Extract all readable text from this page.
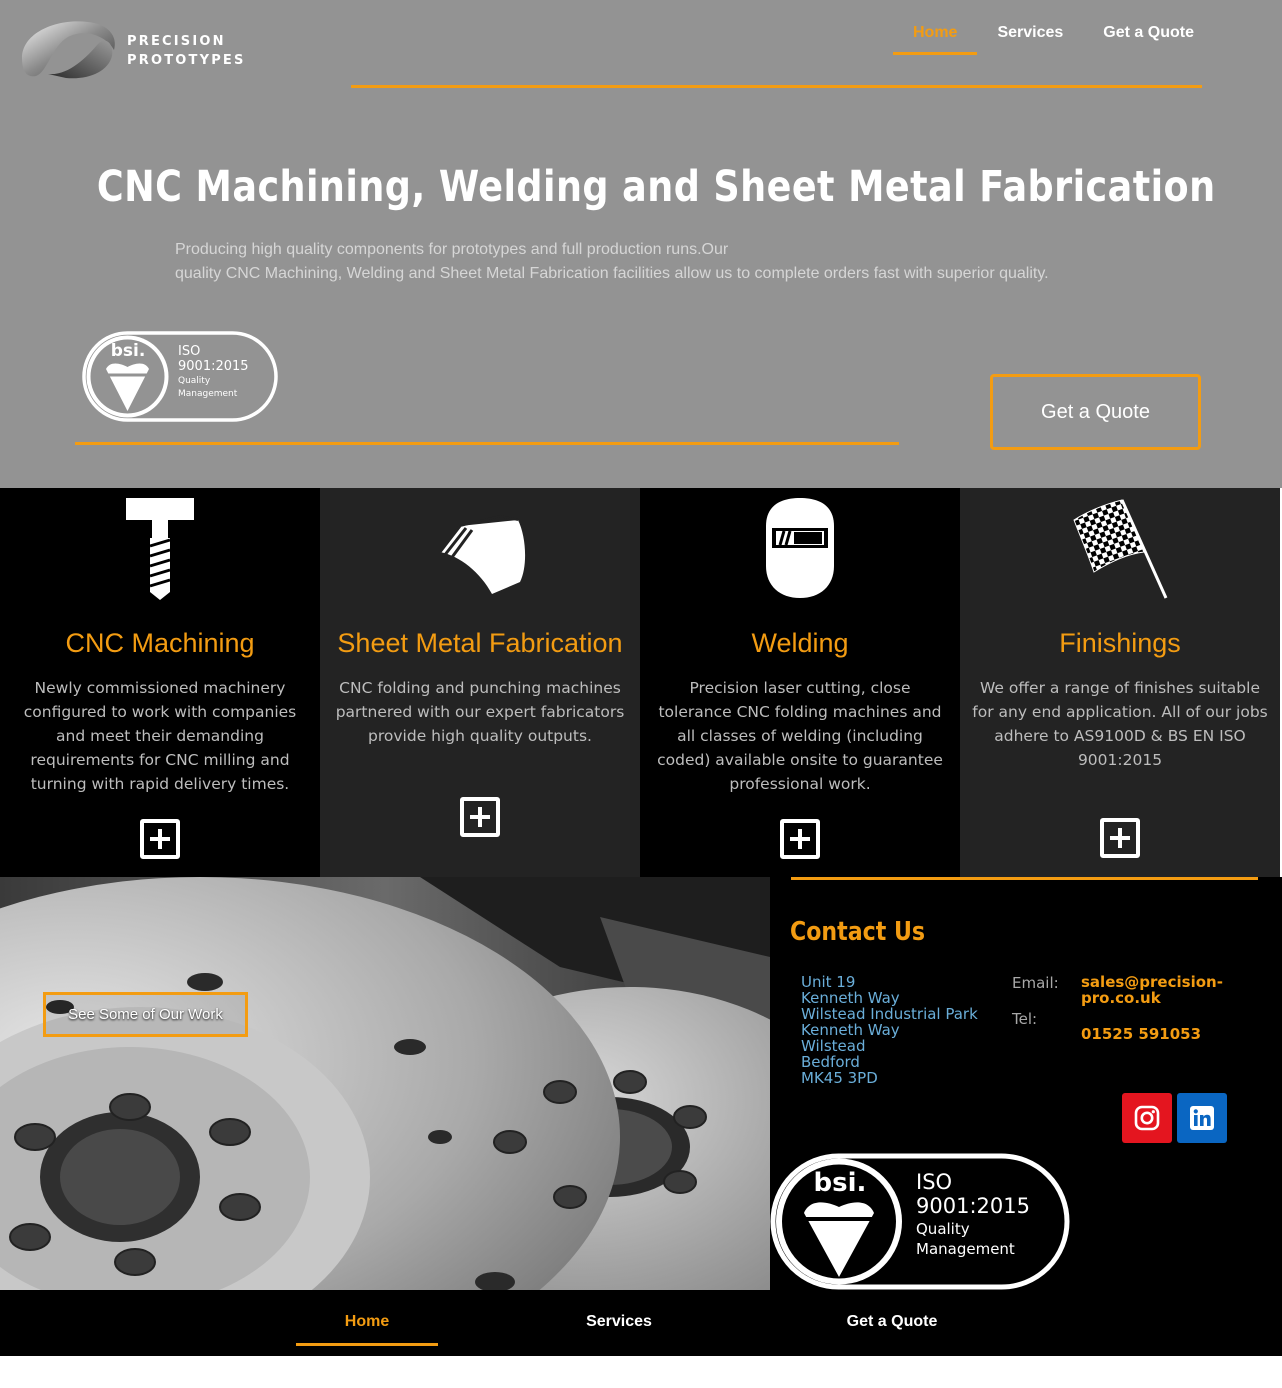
PRECISION
PROTOTYPES
Home	Services	Get a Quote
CNC Machining, Welding and Sheet Metal Fabrication
Producing high quality components for prototypes and full production runs.Our
quality CNC Machining, Welding and Sheet Metal Fabrication facilities allow us to complete orders fast with superior quality.
bsi.	ISO
9001:2015
Quality
Management
Get a Quote
CNC Machining

Newly commissioned machinery configured to work with companies and meet their demanding requirements for CNC milling and turning with rapid delivery times.

Sheet Metal Fabrication

CNC folding and punching machines partnered with our expert fabricators provide high quality outputs.

Welding

Precision laser cutting, close tolerance CNC folding machines and all classes of welding (including coded) available onsite to guarantee professional work.

Finishings

We offer a range of finishes suitable for any end application. All of our jobs adhere to AS9100D & BS EN ISO 9001:2015

See Some of Our Work
Contact Us
Unit 19
Kenneth Way
Wilstead Industrial Park
Kenneth Way
Wilstead
Bedford
MK45 3PD
Email: sales@precision-
pro.co.uk
Tel:
01525 591053
bsi. ISO
9001:2015
Quality
Management
Home	Services	Get a Quote
